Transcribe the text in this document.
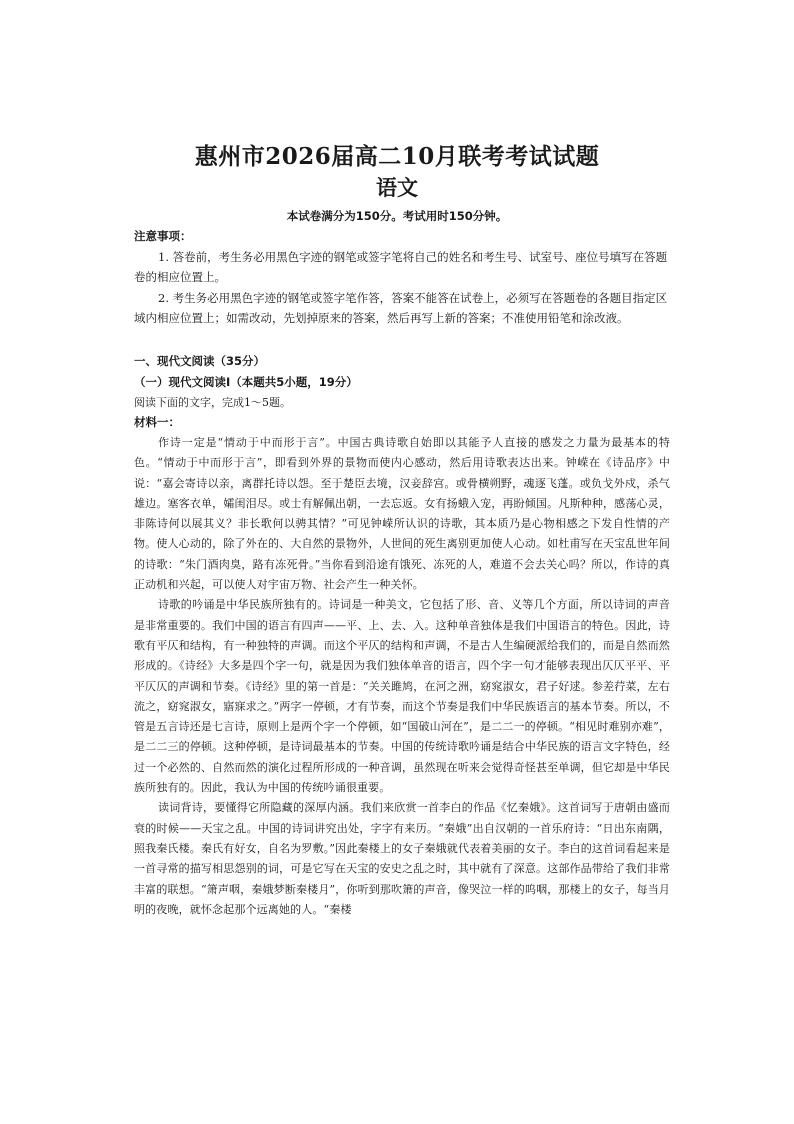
惠州市2026届高二10月联考考试试题
语文
本试卷满分为150分。考试用时150分钟。
注意事项：

1. 答卷前，考生务必用黑色字迹的钢笔或签字笔将自己的姓名和考生号、试室号、座位号填写在答题卷的相应位置上。

2. 考生务必用黑色字迹的钢笔或签字笔作答，答案不能答在试卷上，必须写在答题卷的各题目指定区域内相应位置上；如需改动，先划掉原来的答案，然后再写上新的答案；不准使用铅笔和涂改液。

一、现代文阅读（35分）
（一）现代文阅读Ⅰ（本题共5小题，19分）
阅读下面的文字，完成1～5题。
材料一：

作诗一定是“情动于中而形于言”。中国古典诗歌自始即以其能予人直接的感发之力量为最基本的特色。“情动于中而形于言”，即看到外界的景物而使内心感动，然后用诗歌表达出来。钟嵘在《诗品序》中说：“嘉会寄诗以亲，离群托诗以怨。至于楚臣去境，汉妾辞宫。或骨横朔野，魂逐飞蓬。或负戈外戍，杀气雄边。塞客衣单，孀闺泪尽。或士有解佩出朝，一去忘返。女有扬蛾入宠，再盼倾国。凡斯种种，感荡心灵，非陈诗何以展其义？非长歌何以骋其情？”可见钟嵘所认识的诗歌，其本质乃是心物相感之下发自性情的产物。使人心动的，除了外在的、大自然的景物外，人世间的死生离别更加使人心动。如杜甫写在天宝乱世年间的诗歌：“朱门酒肉臭，路有冻死骨。”当你看到沿途有饿死、冻死的人，难道不会去关心吗？所以，作诗的真正动机和兴起，可以使人对宇宙万物、社会产生一种关怀。

诗歌的吟诵是中华民族所独有的。诗词是一种美文，它包括了形、音、义等几个方面，所以诗词的声音是非常重要的。我们中国的语言有四声——平、上、去、入。这种单音独体是我们中国语言的特色。因此，诗歌有平仄和结构，有一种独特的声调。而这个平仄的结构和声调，不是古人生编硬派给我们的，而是自然而然形成的。《诗经》大多是四个字一句，就是因为我们独体单音的语言，四个字一句才能够表现出仄仄平平、平平仄仄的声调和节奏。《诗经》里的第一首是：“关关雎鸠，在河之洲，窈窕淑女，君子好逑。参差荇菜，左右流之，窈窕淑女，寤寐求之。”两字一停顿，才有节奏，而这个节奏是我们中华民族语言的基本节奏。所以，不管是五言诗还是七言诗，原则上是两个字一个停顿，如“国破山河在”，是二二一的停顿。“相见时难别亦难”，是二二三的停顿。这种停顿，是诗词最基本的节奏。中国的传统诗歌吟诵是结合中华民族的语言文字特色，经过一个必然的、自然而然的演化过程所形成的一种音调，虽然现在听来会觉得奇怪甚至单调，但它却是中华民族所独有的。因此，我认为中国的传统吟诵很重要。

读词背诗，要懂得它所隐藏的深厚内涵。我们来欣赏一首李白的作品《忆秦娥》。这首词写于唐朝由盛而衰的时候——天宝之乱。中国的诗词讲究出处，字字有来历。“秦娥”出自汉朝的一首乐府诗：“日出东南隅，照我秦氏楼。秦氏有好女，自名为罗敷。”因此秦楼上的女子秦娥就代表着美丽的女子。李白的这首词看起来是一首寻常的描写相思怨别的词，可是它写在天宝的安史之乱之时，其中就有了深意。这部作品带给了我们非常丰富的联想。“箫声咽，秦娥梦断秦楼月”，你听到那吹箫的声音，像哭泣一样的呜咽，那楼上的女子，每当月明的夜晚，就怀念起那个远离她的人。“秦楼
